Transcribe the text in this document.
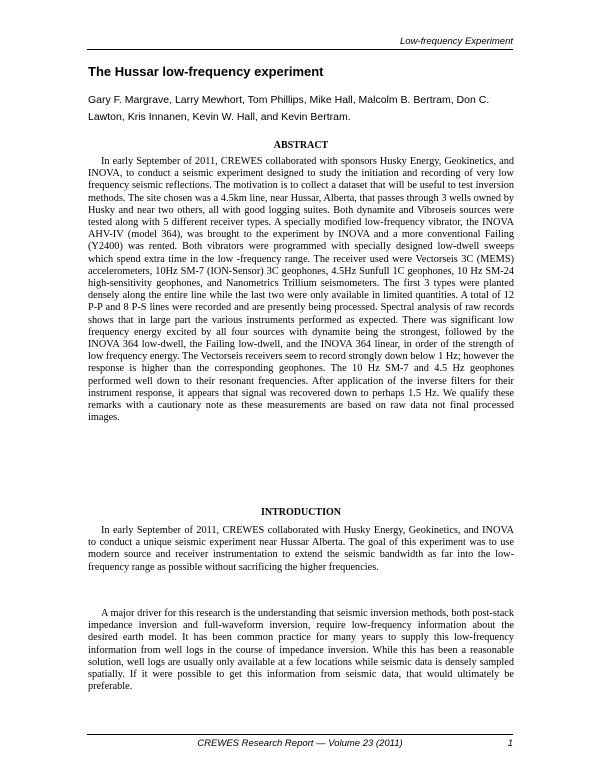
Low-frequency Experiment
The Hussar low-frequency experiment
Gary F. Margrave, Larry Mewhort, Tom Phillips, Mike Hall, Malcolm B. Bertram, Don C. Lawton, Kris Innanen, Kevin W. Hall, and Kevin Bertram.
ABSTRACT

In early September of 2011, CREWES collaborated with sponsors Husky Energy, Geokinetics, and INOVA, to conduct a seismic experiment designed to study the initiation and recording of very low frequency seismic reflections. The motivation is to collect a dataset that will be useful to test inversion methods. The site chosen was a 4.5km line, near Hussar, Alberta, that passes through 3 wells owned by Husky and near two others, all with good logging suites. Both dynamite and Vibroseis sources were tested along with 5 different receiver types. A specially modified low-frequency vibrator, the INOVA AHV-IV (model 364), was brought to the experiment by INOVA and a more conventional Failing (Y2400) was rented. Both vibrators were programmed with specially designed low-dwell sweeps which spend extra time in the low -frequency range. The receiver used were Vectorseis 3C (MEMS) accelerometers, 10Hz SM-7 (ION-Sensor) 3C geophones, 4.5Hz Sunfull 1C geophones, 10 Hz SM-24 high-sensitivity geophones, and Nanometrics Trillium seismometers. The first 3 types were planted densely along the entire line while the last two were only available in limited quantities. A total of 12 P-P and 8 P-S lines were recorded and are presently being processed. Spectral analysis of raw records shows that in large part the various instruments performed as expected. There was significant low frequency energy excited by all four sources with dynamite being the strongest, followed by the INOVA 364 low-dwell, the Failing low-dwell, and the INOVA 364 linear, in order of the strength of low frequency energy. The Vectorseis receivers seem to record strongly down below 1 Hz; however the response is higher than the corresponding geophones. The 10 Hz SM-7 and 4.5 Hz geophones performed well down to their resonant frequencies. After application of the inverse filters for their instrument response, it appears that signal was recovered down to perhaps 1.5 Hz. We qualify these remarks with a cautionary note as these measurements are based on raw data not final processed images.

INTRODUCTION

In early September of 2011, CREWES collaborated with Husky Energy, Geokinetics, and INOVA to conduct a unique seismic experiment near Hussar Alberta. The goal of this experiment was to use modern source and receiver instrumentation to extend the seismic bandwidth as far into the low-frequency range as possible without sacrificing the higher frequencies.

A major driver for this research is the understanding that seismic inversion methods, both post-stack impedance inversion and full-waveform inversion, require low-frequency information about the desired earth model. It has been common practice for many years to supply this low-frequency information from well logs in the course of impedance inversion. While this has been a reasonable solution, well logs are usually only available at a few locations while seismic data is densely sampled spatially. If it were possible to get this information from seismic data, that would ultimately be preferable.

CREWES Research Report — Volume 23 (2011)	1
